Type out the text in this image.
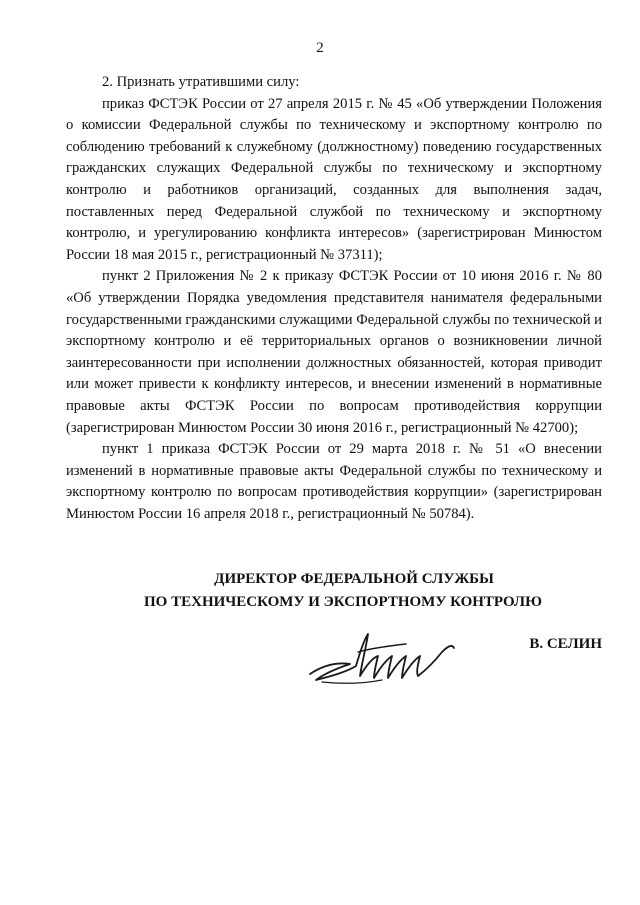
2

2. Признать утратившими силу:

приказ ФСТЭК России от 27 апреля 2015 г. № 45 «Об утверждении Положения о комиссии Федеральной службы по техническому и экспортному контролю по соблюдению требований к служебному (должностному) поведению государственных гражданских служащих Федеральной службы по техническому и экспортному контролю и работников организаций, созданных для выполнения задач, поставленных перед Федеральной службой по техническому и экспортному контролю, и урегулированию конфликта интересов» (зарегистрирован Минюстом России 18 мая 2015 г., регистрационный № 37311);

пункт 2 Приложения № 2 к приказу ФСТЭК России от 10 июня 2016 г. № 80 «Об утверждении Порядка уведомления представителя нанимателя федеральными государственными гражданскими служащими Федеральной службы по технической и экспортному контролю и её территориальных органов о возникновении личной заинтересованности при исполнении должностных обязанностей, которая приводит или может привести к конфликту интересов, и внесении изменений в нормативные правовые акты ФСТЭК России по вопросам противодействия коррупции (зарегистрирован Минюстом России 30 июня 2016 г., регистрационный № 42700);

пункт 1 приказа ФСТЭК России от 29 марта 2018 г. № 51 «О внесении изменений в нормативные правовые акты Федеральной службы по техническому и экспортному контролю по вопросам противодействия коррупции» (зарегистрирован Минюстом России 16 апреля 2018 г., регистрационный № 50784).

ДИРЕКТОР ФЕДЕРАЛЬНОЙ СЛУЖБЫ
ПО ТЕХНИЧЕСКОМУ И ЭКСПОРТНОМУ КОНТРОЛЮ
В. СЕЛИН
